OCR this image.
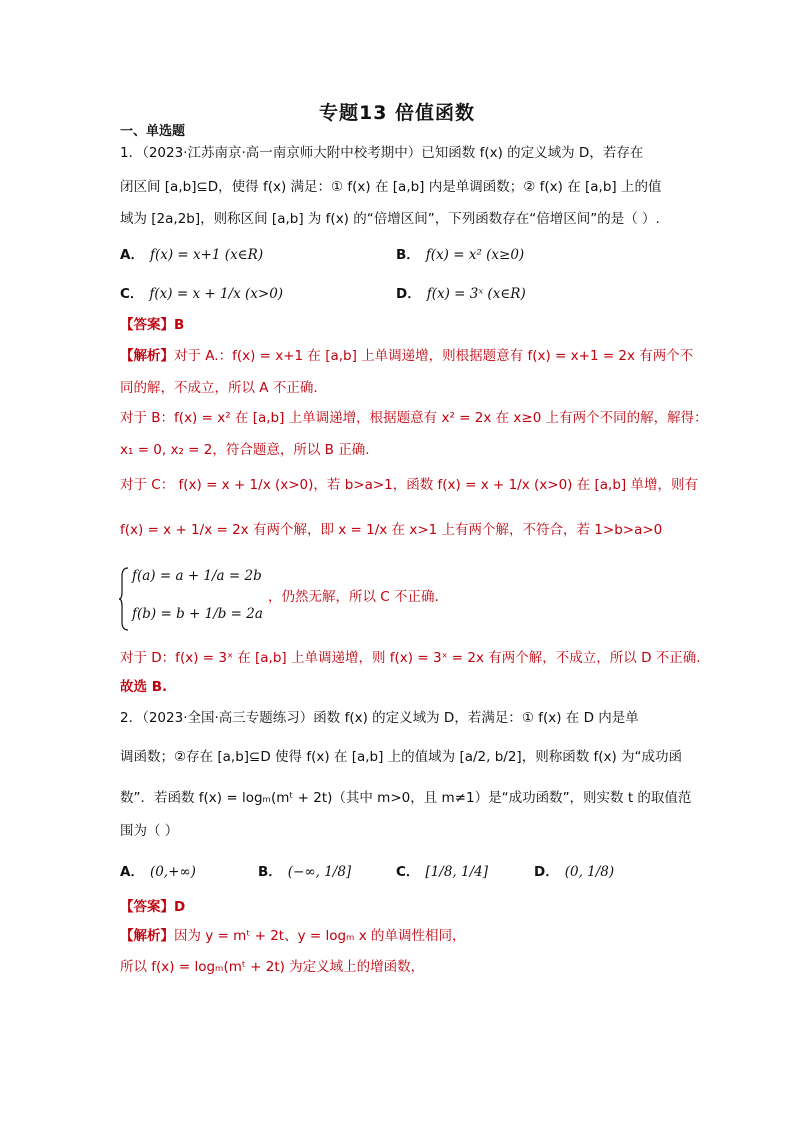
专题13 倍值函数
一、单选题
1．（2023·江苏南京·高一南京师大附中校考期中）已知函数 f(x) 的定义域为 D，若存在
闭区间 [a,b]⊆D，使得 f(x) 满足：① f(x) 在 [a,b] 内是单调函数；② f(x) 在 [a,b] 上的值
域为 [2a,2b]，则称区间 [a,b] 为 f(x) 的“倍增区间”，下列函数存在“倍增区间”的是（ ）.
A． f(x) = x+1 (x∈R)	B． f(x) = x² (x≥0)
C． f(x) = x + 1/x (x>0)	D． f(x) = 3ˣ (x∈R)
【答案】B
【解析】对于 A.：f(x) = x+1 在 [a,b] 上单调递增，则根据题意有 f(x) = x+1 = 2x 有两个不
同的解，不成立，所以 A 不正确.
对于 B：f(x) = x² 在 [a,b] 上单调递增，根据题意有 x² = 2x 在 x≥0 上有两个不同的解，解得：
x₁ = 0, x₂ = 2，符合题意，所以 B 正确.
对于 C： f(x) = x + 1/x (x>0)，若 b>a>1，函数 f(x) = x + 1/x (x>0) 在 [a,b] 单增，则有
f(x) = x + 1/x = 2x 有两个解，即 x = 1/x 在 x>1 上有两个解，不符合，若 1>b>a>0
f(a) = a + 1/a = 2b
f(b) = b + 1/b = 2a
，仍然无解，所以 C 不正确.
对于 D：f(x) = 3ˣ 在 [a,b] 上单调递增，则 f(x) = 3ˣ = 2x 有两个解，不成立，所以 D 不正确.
故选 B.
2．（2023·全国·高三专题练习）函数 f(x) 的定义域为 D，若满足：① f(x) 在 D 内是单
调函数；②存在 [a,b]⊆D 使得 f(x) 在 [a,b] 上的值域为 [a/2, b/2]，则称函数 f(x) 为“成功函
数”．若函数 f(x) = logₘ(mᵗ + 2t)（其中 m>0，且 m≠1）是“成功函数”，则实数 t 的取值范
围为（ ）
A． (0,+∞)	B． (−∞, 1/8]	C． [1/8, 1/4]	D． (0, 1/8)
【答案】D
【解析】因为 y = mᵗ + 2t、y = logₘ x 的单调性相同，
所以 f(x) = logₘ(mᵗ + 2t) 为定义域上的增函数，
